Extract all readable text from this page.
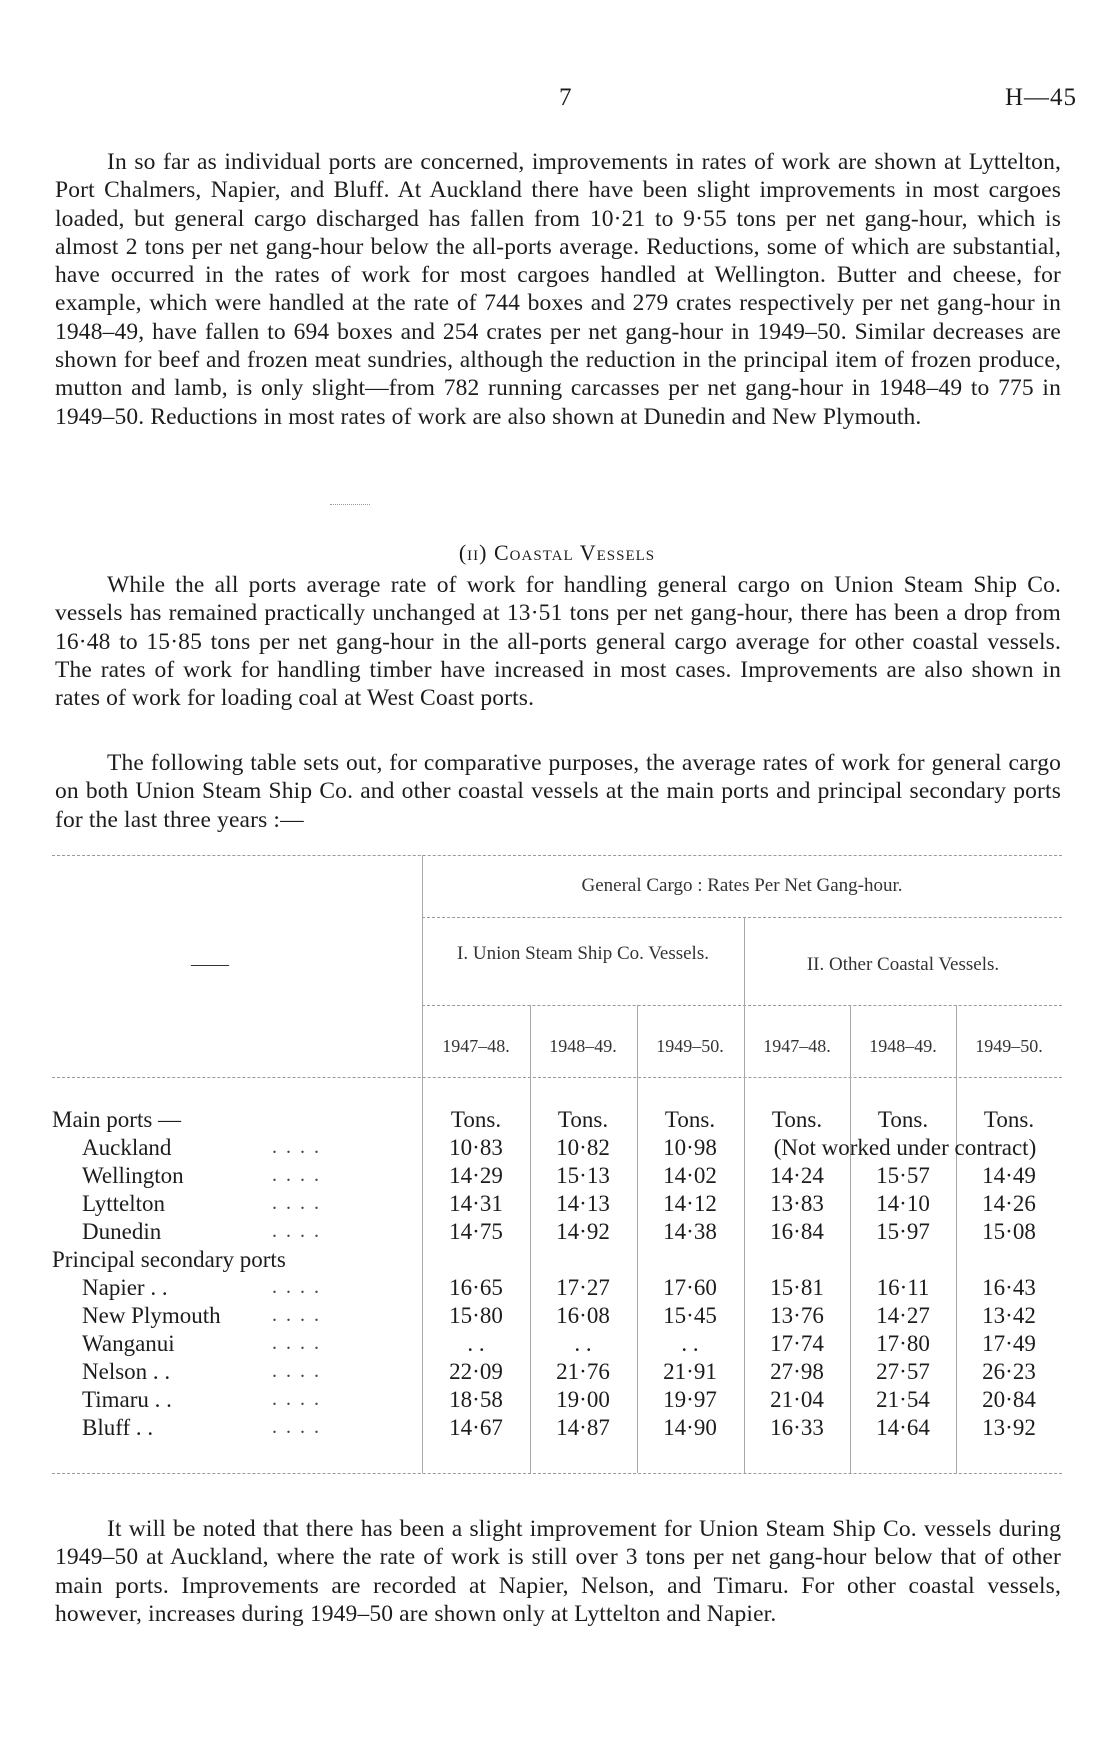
7	H—45

In so far as individual ports are concerned, improvements in rates of work are shown at Lyttelton, Port Chalmers, Napier, and Bluff. At Auckland there have been slight improvements in most cargoes loaded, but general cargo discharged has fallen from 10·21 to 9·55 tons per net gang-hour, which is almost 2 tons per net gang-hour below the all-ports average. Reductions, some of which are substantial, have occurred in the rates of work for most cargoes handled at Wellington. Butter and cheese, for example, which were handled at the rate of 744 boxes and 279 crates respectively per net gang-hour in 1948–49, have fallen to 694 boxes and 254 crates per net gang-hour in 1949–50. Similar decreases are shown for beef and frozen meat sundries, although the reduction in the principal item of frozen produce, mutton and lamb, is only slight—from 782 running carcasses per net gang-hour in 1948–49 to 775 in 1949–50. Reductions in most rates of work are also shown at Dunedin and New Plymouth.

(ii) Coastal Vessels

While the all ports average rate of work for handling general cargo on Union Steam Ship Co. vessels has remained practically unchanged at 13·51 tons per net gang-hour, there has been a drop from 16·48 to 15·85 tons per net gang-hour in the all-ports general cargo average for other coastal vessels. The rates of work for handling timber have increased in most cases. Improvements are also shown in rates of work for loading coal at West Coast ports.

The following table sets out, for comparative purposes, the average rates of work for general cargo on both Union Steam Ship Co. and other coastal vessels at the main ports and principal secondary ports for the last three years :—

——
General Cargo : Rates Per Net Gang-hour.
I. Union Steam Ship Co. Vessels.
II. Other Coastal Vessels.
1947–48.	1948–49.	1949–50.	1947–48.	1948–49.	1949–50.
Tons.	Tons.	Tons.	Tons.	Tons.	Tons.
Main ports —
Principal secondary ports
Auckland	. . . .	10·83	10·82	10·98	(Not worked under contract)
Wellington	. . . .	14·29	15·13	14·02	14·24	15·57	14·49
Lyttelton	. . . .	14·31	14·13	14·12	13·83	14·10	14·26
Dunedin	. . . .	14·75	14·92	14·38	16·84	15·97	15·08
Napier . .	. . . .	16·65	17·27	17·60	15·81	16·11	16·43
New Plymouth	. . . .	15·80	16·08	15·45	13·76	14·27	13·42
Wanganui	. . . .	. .	. .	. .	17·74	17·80	17·49
Nelson . .	. . . .	22·09	21·76	21·91	27·98	27·57	26·23
Timaru . .	. . . .	18·58	19·00	19·97	21·04	21·54	20·84
Bluff . .	. . . .	14·67	14·87	14·90	16·33	14·64	13·92

It will be noted that there has been a slight improvement for Union Steam Ship Co. vessels during 1949–50 at Auckland, where the rate of work is still over 3 tons per net gang-hour below that of other main ports. Improvements are recorded at Napier, Nelson, and Timaru. For other coastal vessels, however, increases during 1949–50 are shown only at Lyttelton and Napier.
